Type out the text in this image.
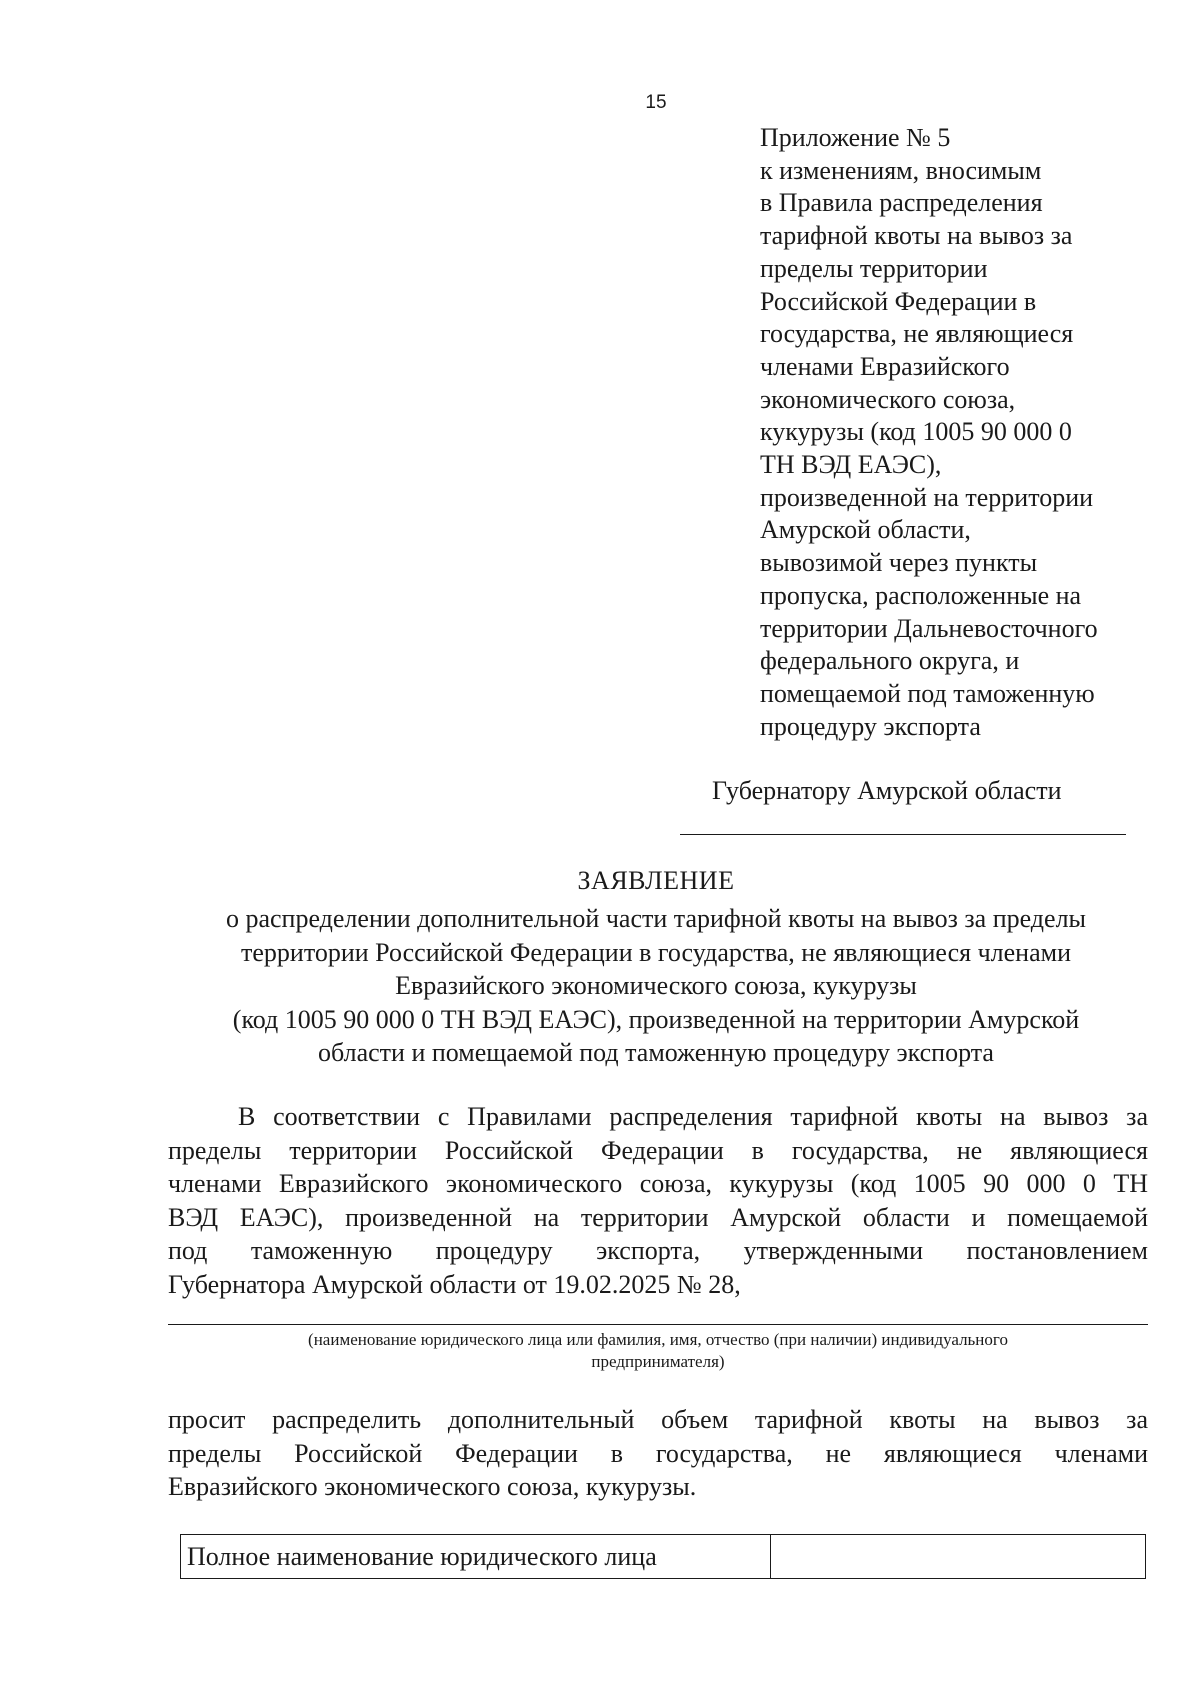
15
Приложение № 5
к изменениям, вносимым
в Правила распределения
тарифной квоты на вывоз за
пределы территории
Российской Федерации в
государства, не являющиеся
членами Евразийского
экономического союза,
кукурузы (код 1005 90 000 0
ТН ВЭД ЕАЭС),
произведенной на территории
Амурской области,
вывозимой через пункты
пропуска, расположенные на
территории Дальневосточного
федерального округа, и
помещаемой под таможенную
процедуру экспорта
Губернатору Амурской области
ЗАЯВЛЕНИЕ
о распределении дополнительной части тарифной квоты на вывоз за пределы
территории Российской Федерации в государства, не являющиеся членами
Евразийского экономического союза, кукурузы
(код 1005 90 000 0 ТН ВЭД ЕАЭС), произведенной на территории Амурской
области и помещаемой под таможенную процедуру экспорта
В соответствии с Правилами распределения тарифной квоты на вывоз за
пределы территории Российской Федерации в государства, не являющиеся
членами Евразийского экономического союза, кукурузы (код 1005 90 000 0 ТН
ВЭД ЕАЭС), произведенной на территории Амурской области и помещаемой
под таможенную процедуру экспорта, утвержденными постановлением
Губернатора Амурской области от 19.02.2025 № 28,
(наименование юридического лица или фамилия, имя, отчество (при наличии) индивидуального
предпринимателя)
просит распределить дополнительный объем тарифной квоты на вывоз за
пределы Российской Федерации в государства, не являющиеся членами
Евразийского экономического союза, кукурузы.
Полное наименование юридического лица
